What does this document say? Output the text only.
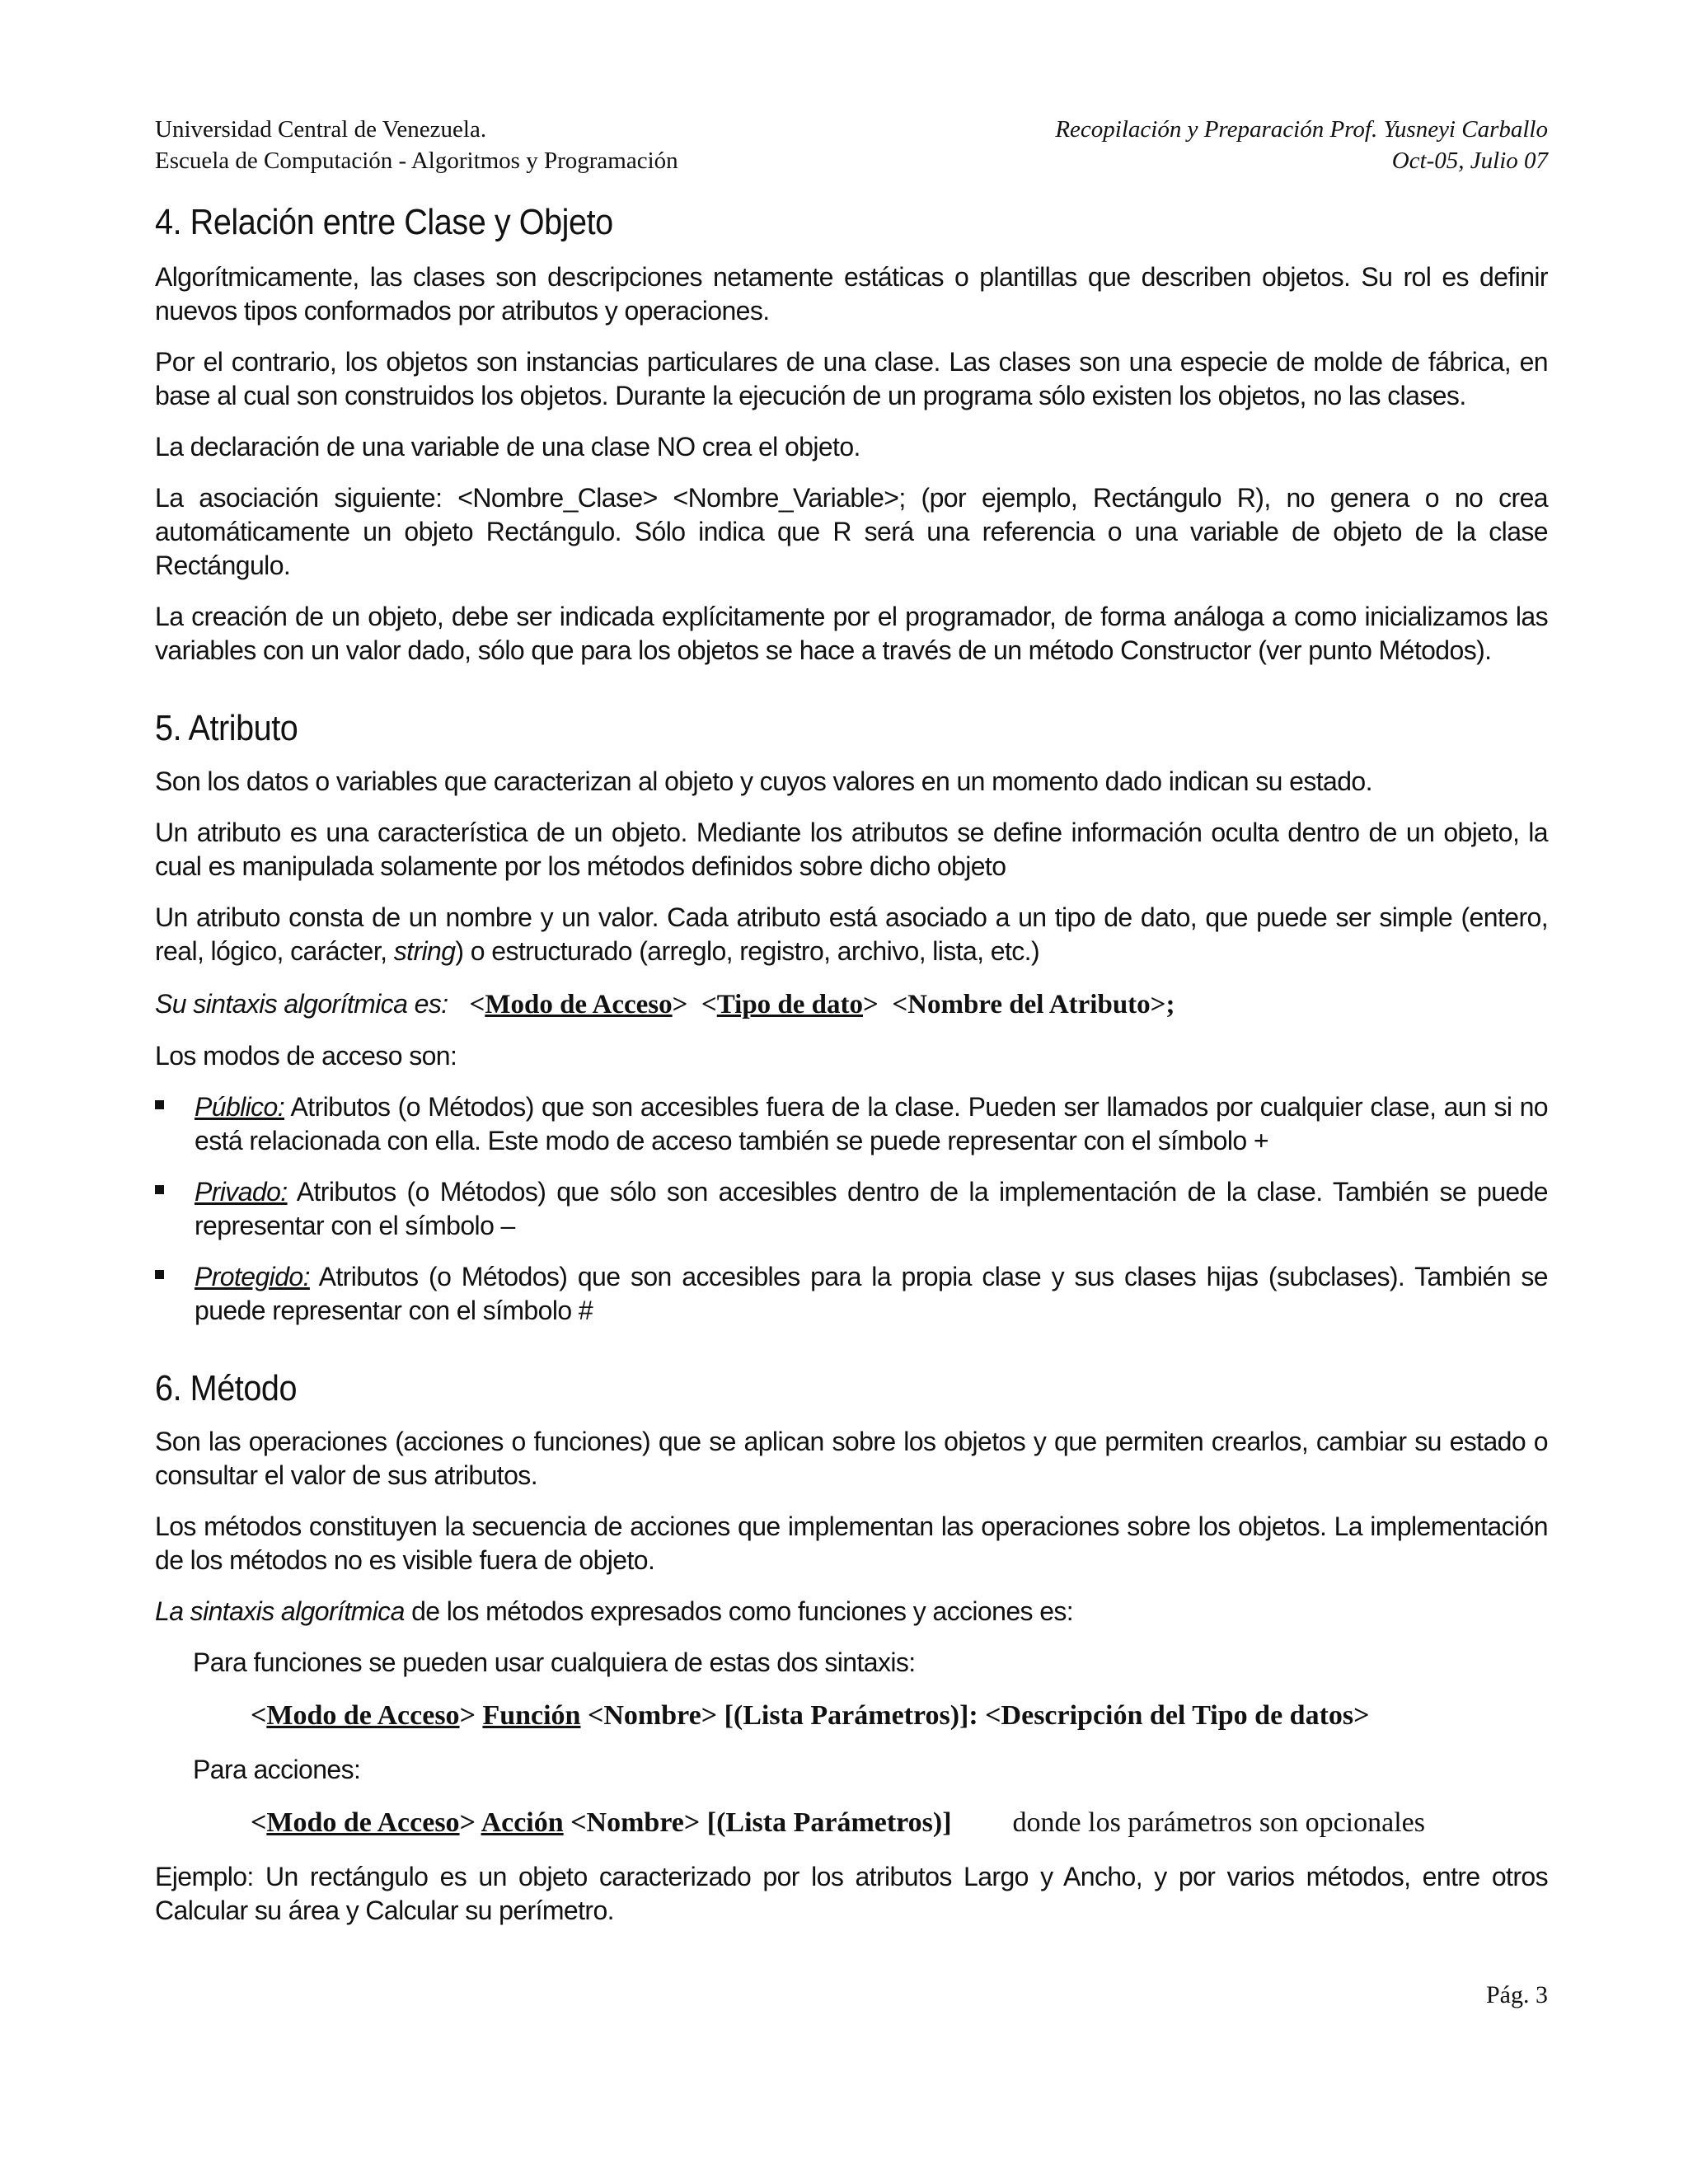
Universidad Central de Venezuela.
Escuela de Computación - Algoritmos y Programación
Recopilación y Preparación Prof. Yusneyi Carballo
Oct-05, Julio 07
4. Relación entre Clase y Objeto

Algorítmicamente, las clases son descripciones netamente estáticas o plantillas que describen objetos. Su rol es definir nuevos tipos conformados por atributos y operaciones.

Por el contrario, los objetos son instancias particulares de una clase. Las clases son una especie de molde de fábrica, en base al cual son construidos los objetos. Durante la ejecución de un programa sólo existen los objetos, no las clases.

La declaración de una variable de una clase NO crea el objeto.

La asociación siguiente: <Nombre_Clase> <Nombre_Variable>; (por ejemplo, Rectángulo R), no genera o no crea automáticamente un objeto Rectángulo. Sólo indica que R será una referencia o una variable de objeto de la clase Rectángulo.

La creación de un objeto, debe ser indicada explícitamente por el programador, de forma análoga a como inicializamos las variables con un valor dado, sólo que para los objetos se hace a través de un método Constructor (ver punto Métodos).

5. Atributo

Son los datos o variables que caracterizan al objeto y cuyos valores en un momento dado indican su estado.

Un atributo es una característica de un objeto. Mediante los atributos se define información oculta dentro de un objeto, la cual es manipulada solamente por los métodos definidos sobre dicho objeto

Un atributo consta de un nombre y un valor. Cada atributo está asociado a un tipo de dato, que puede ser simple (entero, real, lógico, carácter, string) o estructurado (arreglo, registro, archivo, lista, etc.)

Su sintaxis algorítmica es: <Modo de Acceso>  <Tipo de dato>  <Nombre del Atributo>;

Los modos de acceso son:

Público: Atributos (o Métodos) que son accesibles fuera de la clase. Pueden ser llamados por cualquier clase, aun si no está relacionada con ella. Este modo de acceso también se puede representar con el símbolo +
Privado: Atributos (o Métodos) que sólo son accesibles dentro de la implementación de la clase. También se puede representar con el símbolo –
Protegido: Atributos (o Métodos) que son accesibles para la propia clase y sus clases hijas (subclases). También se puede representar con el símbolo #
6. Método

Son las operaciones (acciones o funciones) que se aplican sobre los objetos y que permiten crearlos, cambiar su estado o consultar el valor de sus atributos.

Los métodos constituyen la secuencia de acciones que implementan las operaciones sobre los objetos. La implementación de los métodos no es visible fuera de objeto.

La sintaxis algorítmica de los métodos expresados como funciones y acciones es:

Para funciones se pueden usar cualquiera de estas dos sintaxis:

<Modo de Acceso> Función <Nombre> [(Lista Parámetros)]: <Descripción del Tipo de datos>

Para acciones:

<Modo de Acceso> Acción <Nombre> [(Lista Parámetros)] donde los parámetros son opcionales

Ejemplo: Un rectángulo es un objeto caracterizado por los atributos Largo y Ancho, y por varios métodos, entre otros Calcular su área y Calcular su perímetro.

Pág. 3
